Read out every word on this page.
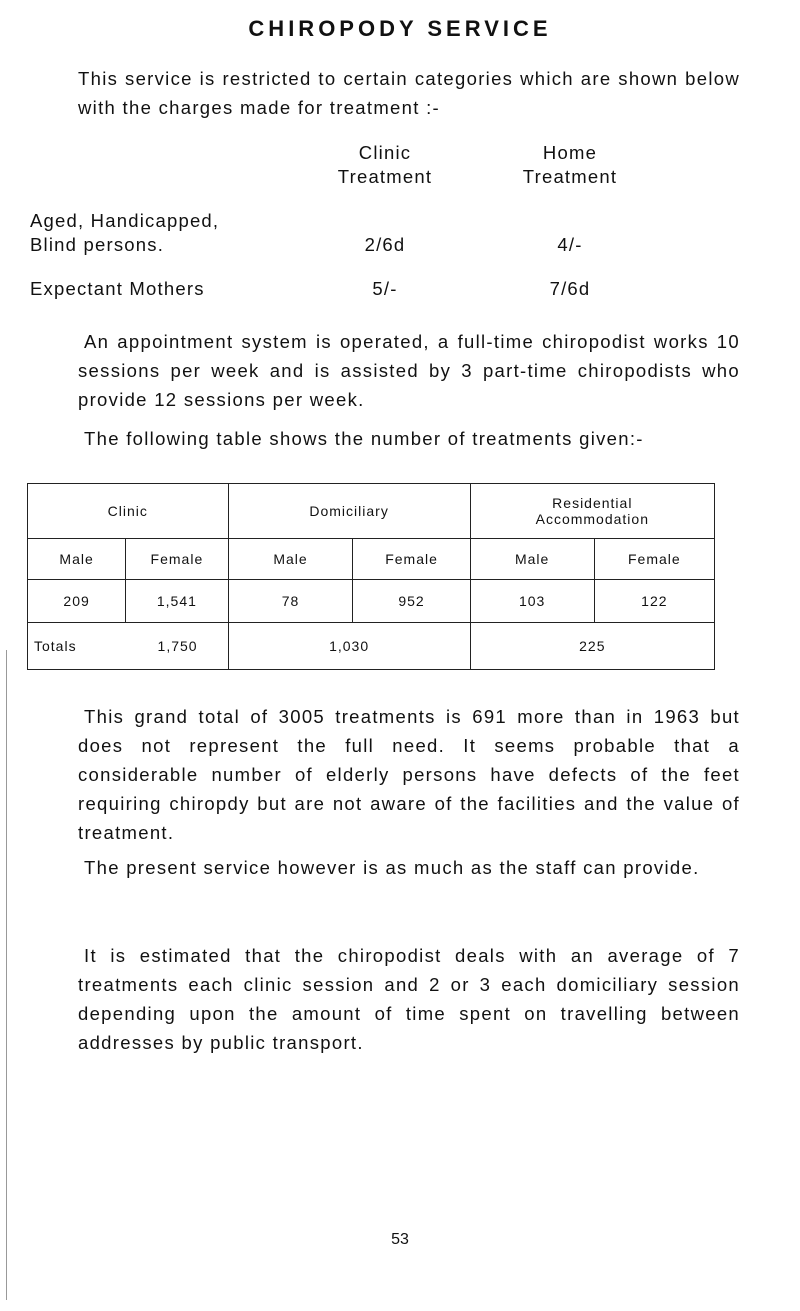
CHIROPODY SERVICE

This service is restricted to certain categories which are shown below with the charges made for treatment :-

Clinic
Treatment
Home
Treatment
Aged, Handicapped,
Blind persons.	2/6d	4/-
Expectant Mothers	5/-	7/6d

An appointment system is operated, a full-time chiropodist works 10 sessions per week and is assisted by 3 part-time chiropodists who provide 12 sessions per week.

The following table shows the number of treatments given:-

Clinic		Domiciliary		Residential
Accommodation	

Male	Female	Male	Female	Male	Female
209	1,541	78	952	103	122

Totals 1,750		1,030		225	

This grand total of 3005 treatments is 691 more than in 1963 but does not represent the full need. It seems probable that a considerable number of elderly persons have defects of the feet requiring chiropdy but are not aware of the facilities and the value of treatment.

The present service however is as much as the staff can provide.

It is estimated that the chiropodist deals with an average of 7 treatments each clinic session and 2 or 3 each domiciliary session depending upon the amount of time spent on travelling between addresses by public transport.

53
